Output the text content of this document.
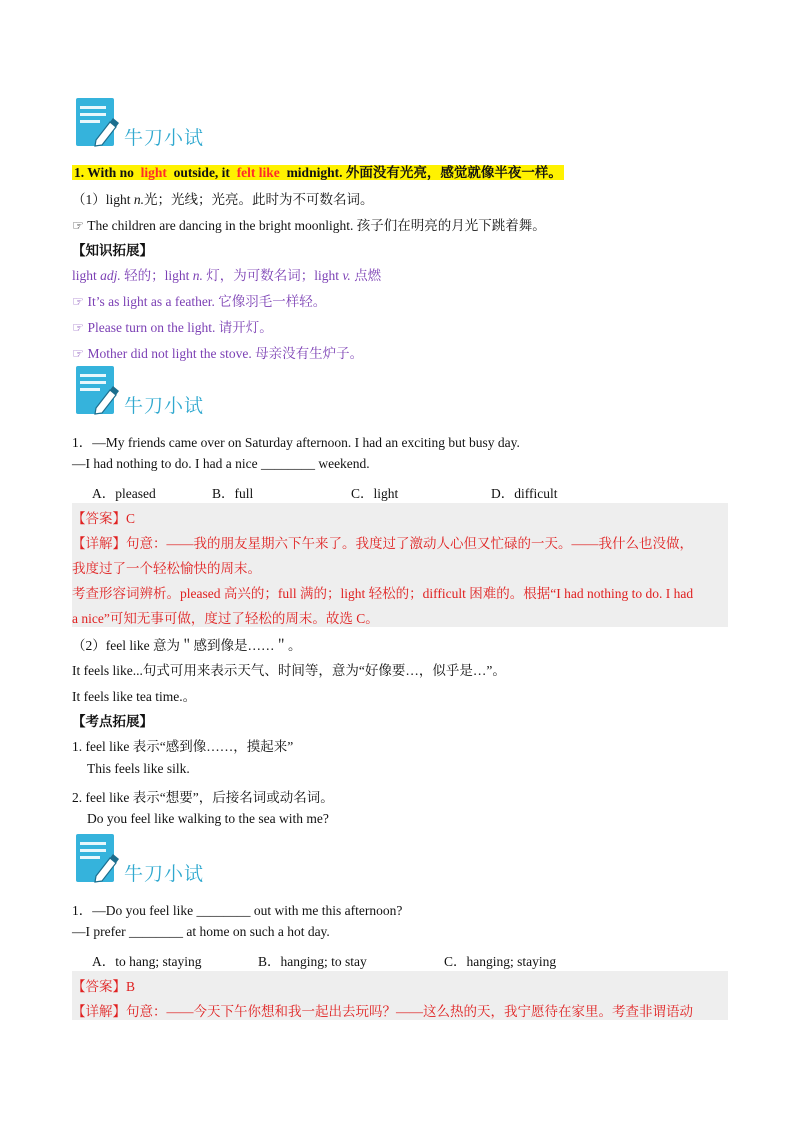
牛刀小试
1. With no light outside, it felt like midnight. 外面没有光亮，感觉就像半夜一样。
（1）light n.光；光线；光亮。此时为不可数名词。
☞ The children are dancing in the bright moonlight. 孩子们在明亮的月光下跳着舞。
【知识拓展】
light adj. 轻的；light n. 灯，为可数名词；light v. 点燃
☞ It’s as light as a feather. 它像羽毛一样轻。
☞ Please turn on the light. 请开灯。
☞ Mother did not light the stove. 母亲没有生炉子。
牛刀小试
1．—My friends came over on Saturday afternoon. I had an exciting but busy day.
—I had nothing to do. I had a nice ________ weekend.
A．pleased	B．full	C．light	D．difficult
【答案】C
【详解】句意：——我的朋友星期六下午来了。我度过了激动人心但又忙碌的一天。——我什么也没做，
我度过了一个轻松愉快的周末。
考查形容词辨析。pleased 高兴的；full 满的；light 轻松的；difficult 困难的。根据“I had nothing to do. I had
a nice”可知无事可做，度过了轻松的周末。故选 C。
（2）feel like 意为＂感到像是……＂。
It feels like...句式可用来表示天气、时间等，意为“好像要…，似乎是…”。
It feels like tea time.。
【考点拓展】
1. feel like 表示“感到像……，摸起来”
This feels like silk.
2. feel like 表示“想要”，后接名词或动名词。
Do you feel like walking to the sea with me?
牛刀小试
1．—Do you feel like ________ out with me this afternoon?
—I prefer ________ at home on such a hot day.
A．to hang; staying	B．hanging; to stay	C．hanging; staying
【答案】B
【详解】句意：——今天下午你想和我一起出去玩吗？——这么热的天，我宁愿待在家里。考查非谓语动
